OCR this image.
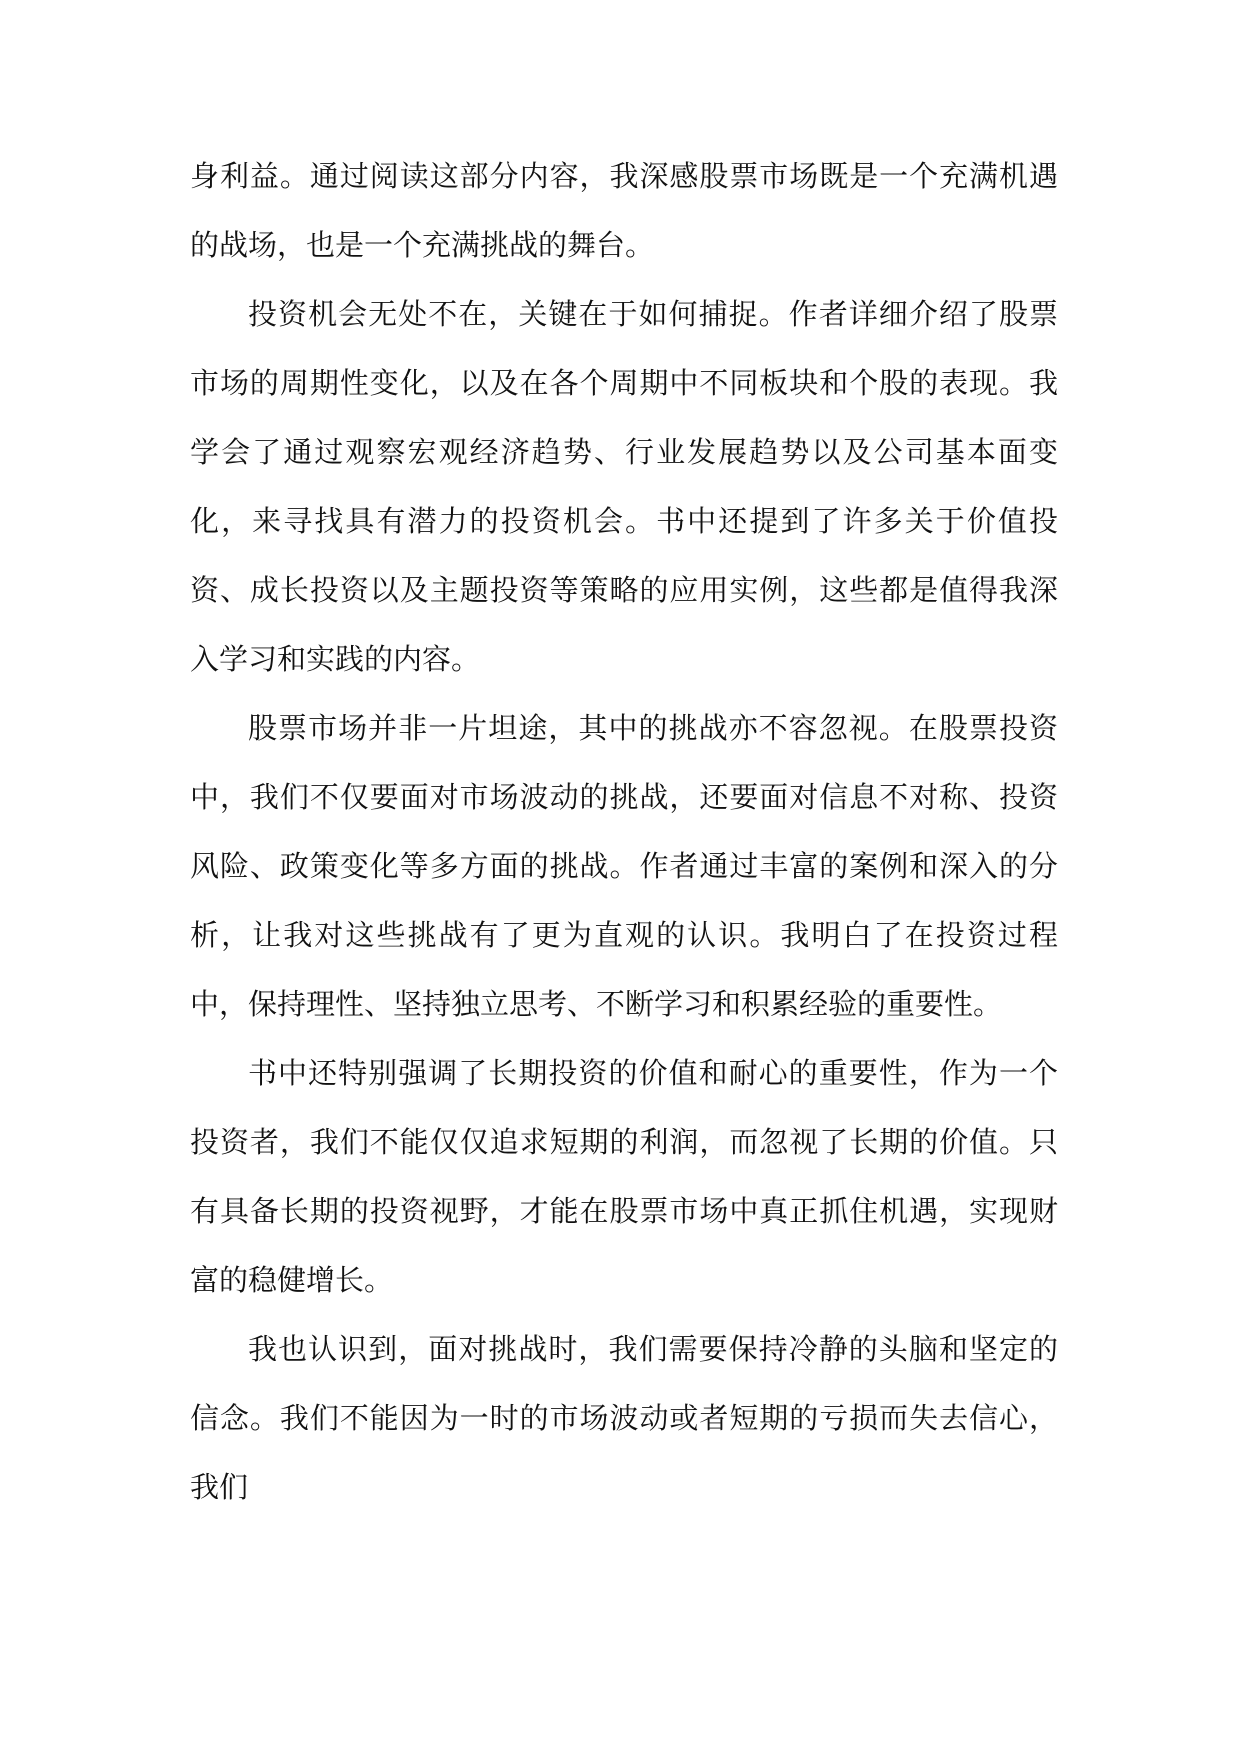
身利益。通过阅读这部分内容，我深感股票市场既是一个充满机遇的战场，也是一个充满挑战的舞台。

投资机会无处不在，关键在于如何捕捉。作者详细介绍了股票市场的周期性变化，以及在各个周期中不同板块和个股的表现。我学会了通过观察宏观经济趋势、行业发展趋势以及公司基本面变化，来寻找具有潜力的投资机会。书中还提到了许多关于价值投资、成长投资以及主题投资等策略的应用实例，这些都是值得我深入学习和实践的内容。

股票市场并非一片坦途，其中的挑战亦不容忽视。在股票投资中，我们不仅要面对市场波动的挑战，还要面对信息不对称、投资风险、政策变化等多方面的挑战。作者通过丰富的案例和深入的分析，让我对这些挑战有了更为直观的认识。我明白了在投资过程中，保持理性、坚持独立思考、不断学习和积累经验的重要性。

书中还特别强调了长期投资的价值和耐心的重要性，作为一个投资者，我们不能仅仅追求短期的利润，而忽视了长期的价值。只有具备长期的投资视野，才能在股票市场中真正抓住机遇，实现财富的稳健增长。

我也认识到，面对挑战时，我们需要保持冷静的头脑和坚定的信念。我们不能因为一时的市场波动或者短期的亏损而失去信心，我们
